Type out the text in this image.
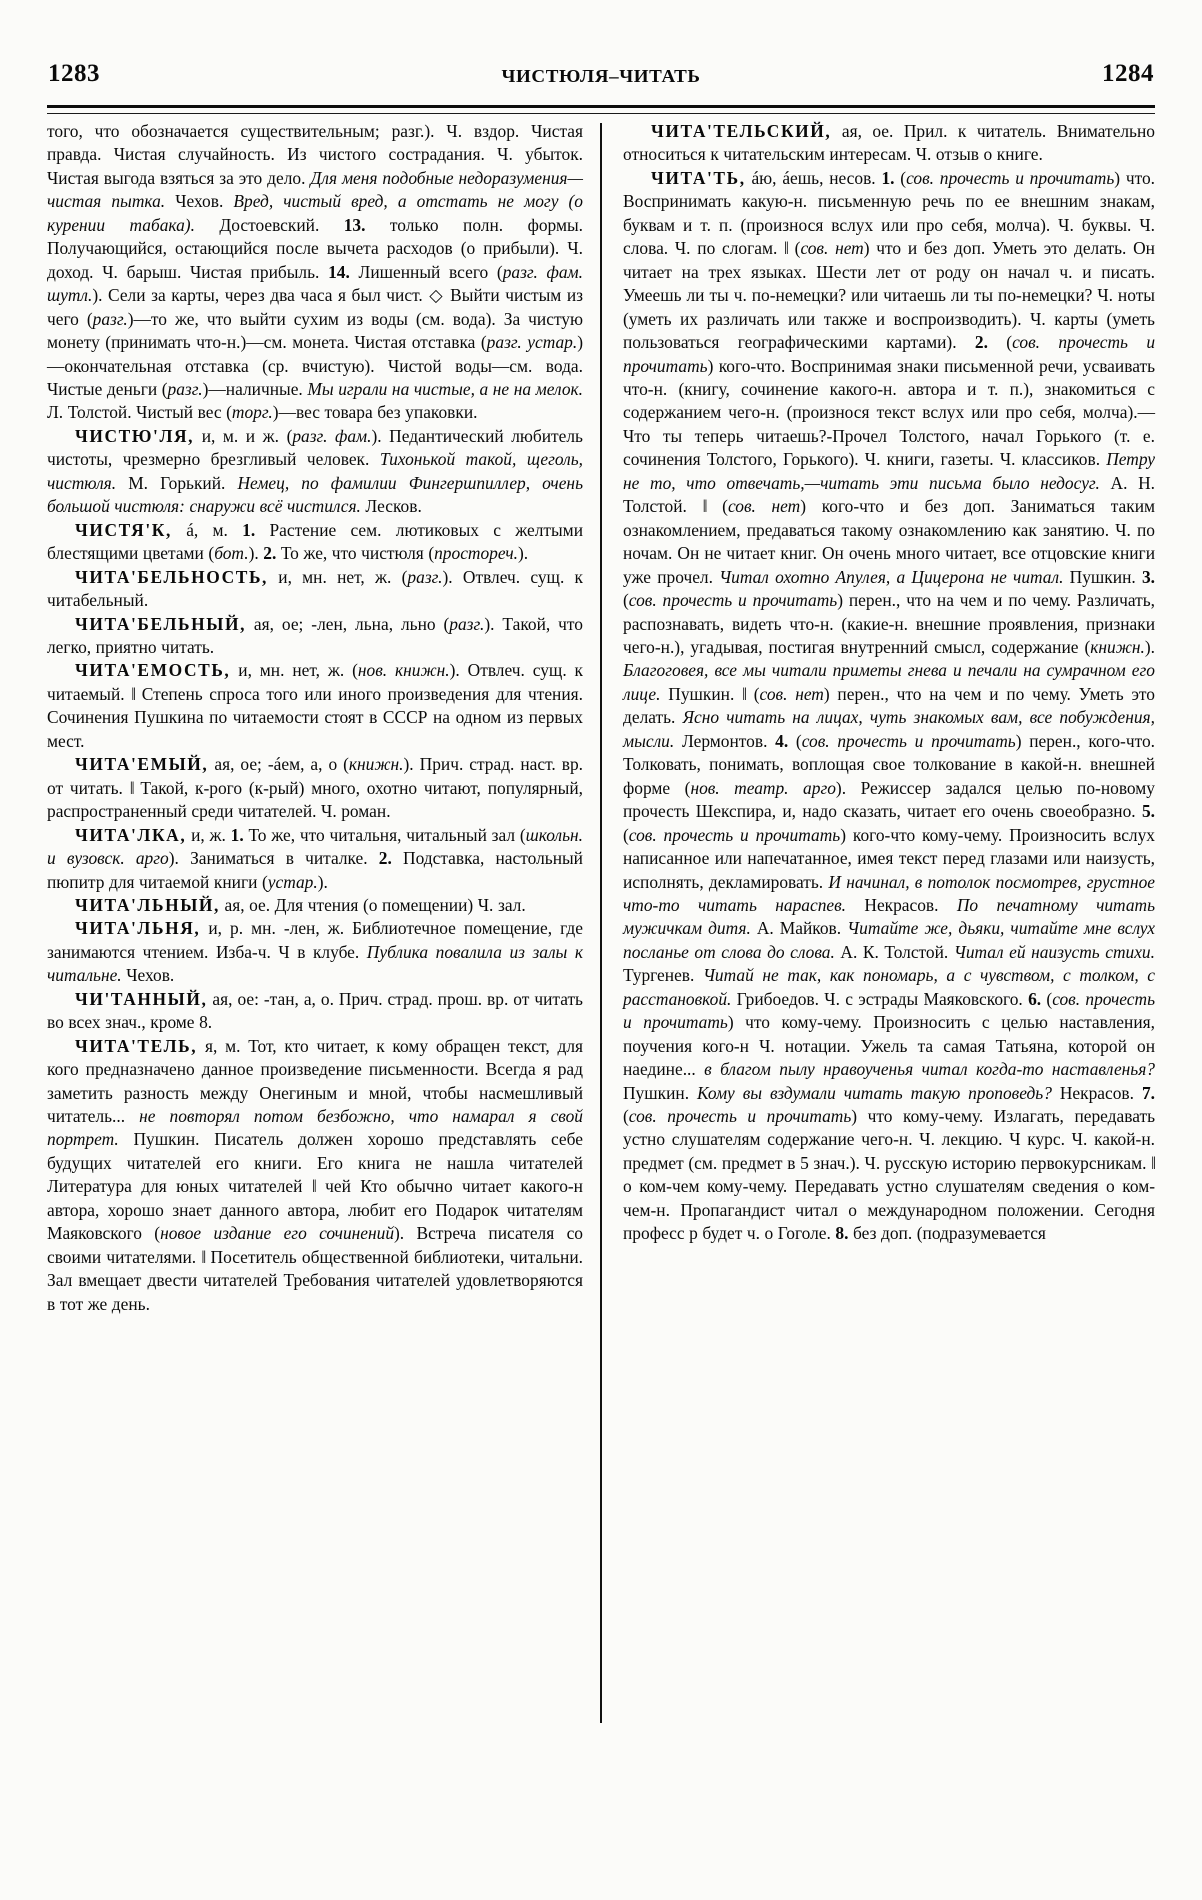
1283	ЧИСТЮЛЯ–ЧИТАТЬ	1284

того, что обозначается существительным; разг.). Ч. вздор. Чистая правда. Чистая случайность. Из чистого сострадания. Ч. убыток. Чистая выгода взяться за это дело. Для меня подобные недоразумения—чистая пытка. Чехов. Вред, чистый вред, а отстать не могу (о курении табака). Достоевский. 13. только полн. формы. Получающийся, остающийся после вычета расходов (о прибыли). Ч. доход. Ч. барыш. Чистая прибыль. 14. Лишенный всего (разг. фам. шутл.). Сели за карты, через два часа я был чист. ◇ Выйти чистым из чего (разг.)—то же, что выйти сухим из воды (см. вода). За чистую монету (принимать что-н.)—см. монета. Чистая отставка (разг. устар.)—окончательная отставка (ср. вчистую). Чистой воды—см. вода. Чистые деньги (разг.)—наличные. Мы играли на чистые, а не на мелок. Л. Толстой. Чистый вес (торг.)—вес товара без упаковки.

ЧИСТЮ'ЛЯ, и, м. и ж. (разг. фам.). Педантический любитель чистоты, чрезмерно брезгливый человек. Тихонькой такой, щеголь, чистюля. М. Горький. Немец, по фамилии Фингершпиллер, очень большой чистюля: снаружи всё чистился. Лесков.

ЧИСТЯ'К, á, м. 1. Растение сем. лютиковых с желтыми блестящими цветами (бот.). 2. То же, что чистюля (простореч.).

ЧИТА'БЕЛЬНОСТЬ, и, мн. нет, ж. (разг.). Отвлеч. сущ. к читабельный.

ЧИТА'БЕЛЬНЫЙ, ая, ое; -лен, льна, льно (разг.). Такой, что легко, приятно читать.

ЧИТА'ЕМОСТЬ, и, мн. нет, ж. (нов. книжн.). Отвлеч. сущ. к читаемый. ‖ Степень спроса того или иного произведения для чтения. Сочинения Пушкина по читаемости стоят в СССР на одном из первых мест.

ЧИТА'ЕМЫЙ, ая, ое; -áем, а, о (книжн.). Прич. страд. наст. вр. от читать. ‖ Такой, к-рого (к-рый) много, охотно читают, популярный, распространенный среди читателей. Ч. роман.

ЧИТА'ЛКА, и, ж. 1. То же, что читальня, читальный зал (школьн. и вузовск. арго). Заниматься в читалке. 2. Подставка, настольный пюпитр для читаемой книги (устар.).

ЧИТА'ЛЬНЫЙ, ая, ое. Для чтения (о помещении) Ч. зал.

ЧИТА'ЛЬНЯ, и, р. мн. -лен, ж. Библиотечное помещение, где занимаются чтением. Изба-ч. Ч в клубе. Публика повалила из залы к читальне. Чехов.

ЧИ'ТАННЫЙ, ая, ое: -тан, а, о. Прич. страд. прош. вр. от читать во всех знач., кроме 8.

ЧИТА'ТЕЛЬ, я, м. Тот, кто читает, к кому обращен текст, для кого предназначено данное произведение письменности. Всегда я рад заметить разность между Онегиным и мной, чтобы насмешливый читатель... не повторял потом безбожно, что намарал я свой портрет. Пушкин. Писатель должен хорошо представлять себе будущих читателей его книги. Его книга не нашла читателей Литература для юных читателей ‖ чей Кто обычно читает какого-н автора, хорошо знает данного автора, любит его Подарок читателям Маяковского (новое издание его сочинений). Встреча писателя со своими читателями. ‖ Посетитель общественной библиотеки, читальни. Зал вмещает двести читателей Требования читателей удовлетворяются в тот же день.

ЧИТА'ТЕЛЬСКИЙ, ая, ое. Прил. к читатель. Внимательно относиться к читательским интересам. Ч. отзыв о книге.

ЧИТА'ТЬ, áю, áешь, несов. 1. (сов. прочесть и прочитать) что. Воспринимать какую-н. письменную речь по ее внешним знакам, буквам и т. п. (произнося вслух или про себя, молча). Ч. буквы. Ч. слова. Ч. по слогам. ‖ (сов. нет) что и без доп. Уметь это делать. Он читает на трех языках. Шести лет от роду он начал ч. и писать. Умеешь ли ты ч. по-немецки? или читаешь ли ты по-немецки? Ч. ноты (уметь их различать или также и воспроизводить). Ч. карты (уметь пользоваться географическими картами). 2. (сов. прочесть и прочитать) кого-что. Воспринимая знаки письменной речи, усваивать что-н. (книгу, сочинение какого-н. автора и т. п.), знакомиться с содержанием чего-н. (произнося текст вслух или про себя, молча).—Что ты теперь читаешь?-Прочел Толстого, начал Горького (т. е. сочинения Толстого, Горького). Ч. книги, газеты. Ч. классиков. Петру не то, что отвечать,—читать эти письма было недосуг. А. Н. Толстой. ‖ (сов. нет) кого-что и без доп. Заниматься таким ознакомлением, предаваться такому ознакомлению как занятию. Ч. по ночам. Он не читает книг. Он очень много читает, все отцовские книги уже прочел. Читал охотно Апулея, а Цицерона не читал. Пушкин. 3. (сов. прочесть и прочитать) перен., что на чем и по чему. Различать, распознавать, видеть что-н. (какие-н. внешние проявления, признаки чего-н.), угадывая, постигая внутренний смысл, содержание (книжн.). Благоговея, все мы читали приметы гнева и печали на сумрачном его лице. Пушкин. ‖ (сов. нет) перен., что на чем и по чему. Уметь это делать. Ясно читать на лицах, чуть знакомых вам, все побуждения, мысли. Лермонтов. 4. (сов. прочесть и прочитать) перен., кого-что. Толковать, понимать, воплощая свое толкование в какой-н. внешней форме (нов. театр. арго). Режиссер задался целью по-новому прочесть Шекспира, и, надо сказать, читает его очень своеобразно. 5. (сов. прочесть и прочитать) кого-что кому-чему. Произносить вслух написанное или напечатанное, имея текст перед глазами или наизусть, исполнять, декламировать. И начинал, в потолок посмотрев, грустное что-то читать нараспев. Некрасов. По печатному читать мужичкам дитя. А. Майков. Читайте же, дьяки, читайте мне вслух посланье от слова до слова. А. К. Толстой. Читал ей наизусть стихи. Тургенев. Читай не так, как пономарь, а с чувством, с толком, с расстановкой. Грибоедов. Ч. с эстрады Маяковского. 6. (сов. прочесть и прочитать) что кому-чему. Произносить с целью наставления, поучения кого-н Ч. нотации. Ужель та самая Татьяна, которой он наедине... в благом пылу нравоученья читал когда-то наставленья? Пушкин. Кому вы вздумали читать такую проповедь? Некрасов. 7. (сов. прочесть и прочитать) что кому-чему. Излагать, передавать устно слушателям содержание чего-н. Ч. лекцию. Ч курс. Ч. какой-н. предмет (см. предмет в 5 знач.). Ч. русскую историю первокурсникам. ‖ о ком-чем кому-чему. Передавать устно слушателям сведения о ком-чем-н. Пропагандист читал о международном положении. Сегодня професс р будет ч. о Гоголе. 8. без доп. (подразумевается
